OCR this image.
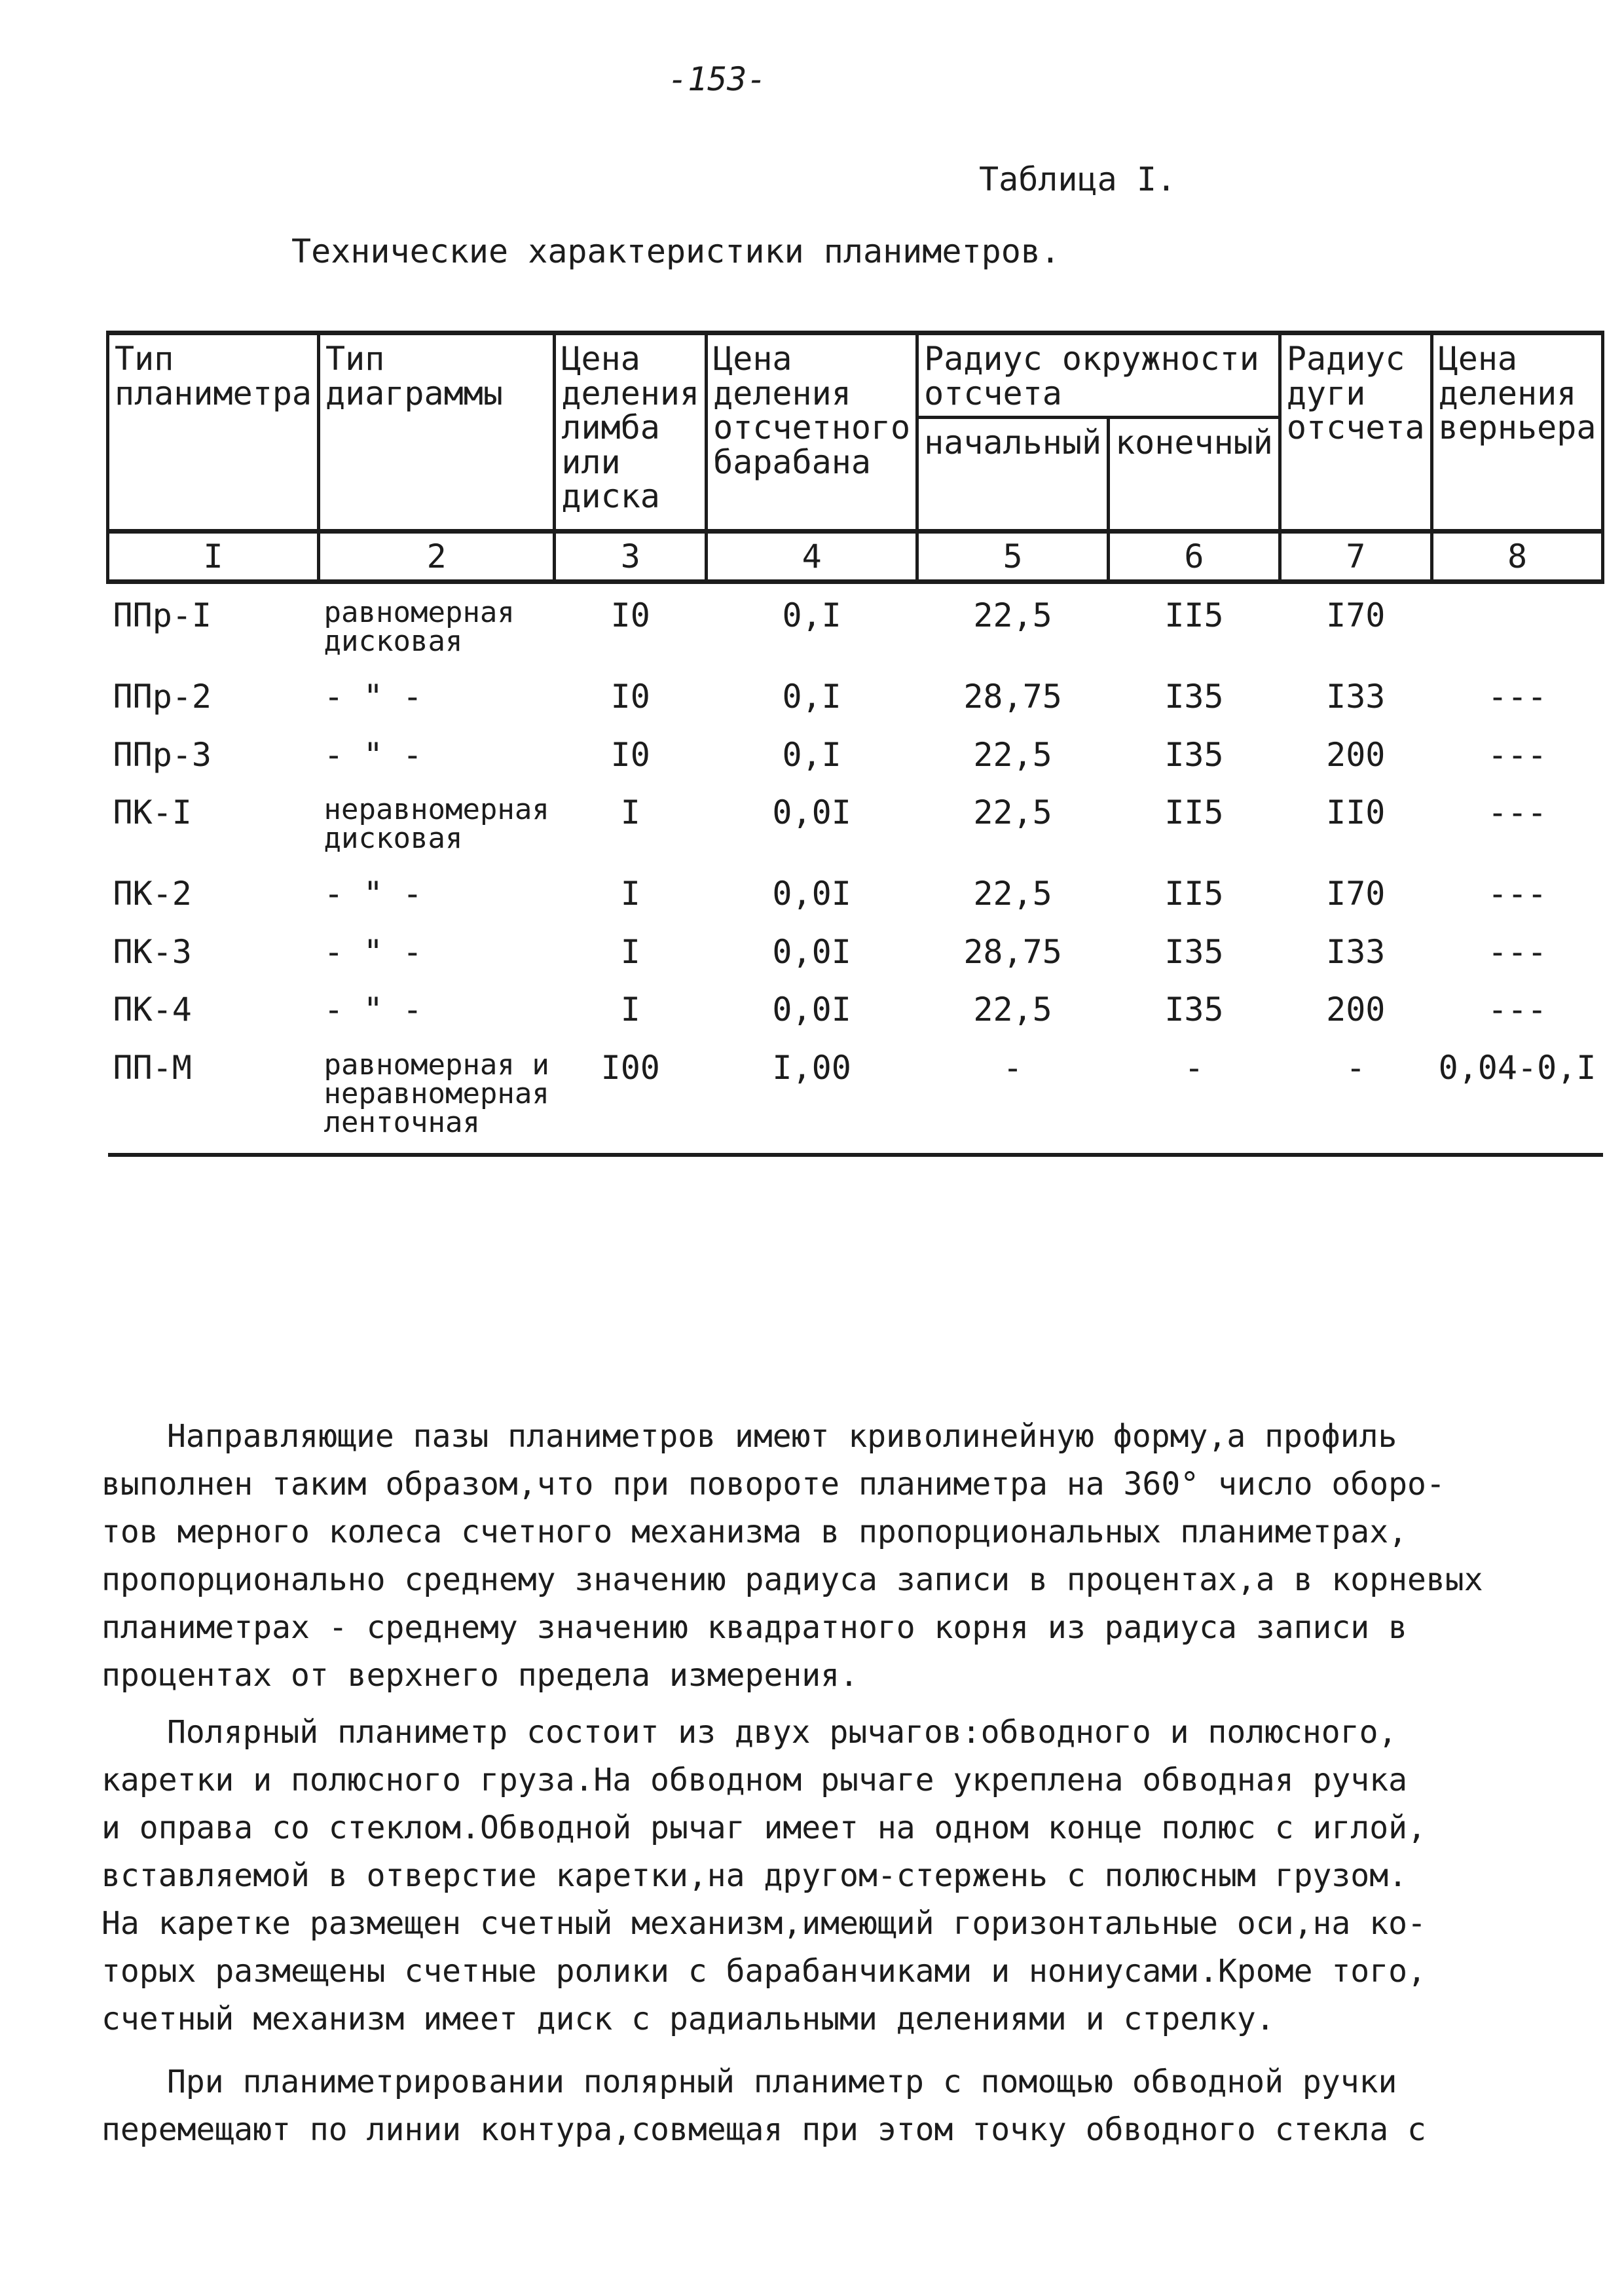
-153-
Таблица I.
Технические характеристики планиметров.
Тип планиметра	Тип диаграммы	Цена деления лимба или диска	Цена деления отсчетного барабана	Радиус окружности отсчета		Радиус дуги отсчета	Цена деления верньера
				начальный	конечный		
I	2	3	4	5	6	7	8
ППр-I	равномерная дисковая	I0	0,I	22,5	II5	I70	
ППр-2	- " -	I0	0,I	28,75	I35	I33	---
ППр-3	- " -	I0	0,I	22,5	I35	200	---
ПК-I	неравномерная дисковая	I	0,0I	22,5	II5	II0	---
ПК-2	- " -	I	0,0I	22,5	II5	I70	---
ПК-3	- " -	I	0,0I	28,75	I35	I33	---
ПК-4	- " -	I	0,0I	22,5	I35	200	---
ПП-М	равномерная и неравномерная ленточная	I00	I,00	-	-	-	0,04-0,I

Направляющие пазы планиметров имеют криволинейную форму,а профиль

выполнен таким образом,что при повороте планиметра на 360° число оборо-

тов мерного колеса счетного механизма в пропорциональных планиметрах,

пропорционально среднему значению радиуса записи в процентах,а в корневых

планиметрах - среднему значению квадратного корня из радиуса записи в

процентах от верхнего предела измерения.

Полярный планиметр состоит из двух рычагов:обводного и полюсного,

каретки и полюсного груза.На обводном рычаге укреплена обводная ручка

и оправа со стеклом.Обводной рычаг имеет на одном конце полюс с иглой,

вставляемой в отверстие каретки,на другом-стержень с полюсным грузом.

На каретке размещен счетный механизм,имеющий горизонтальные оси,на ко-

торых размещены счетные ролики с барабанчиками и нониусами.Кроме того,

счетный механизм имеет диск с радиальными делениями и стрелку.

При планиметрировании полярный планиметр с помощью обводной ручки

перемещают по линии контура,совмещая при этом точку обводного стекла с
